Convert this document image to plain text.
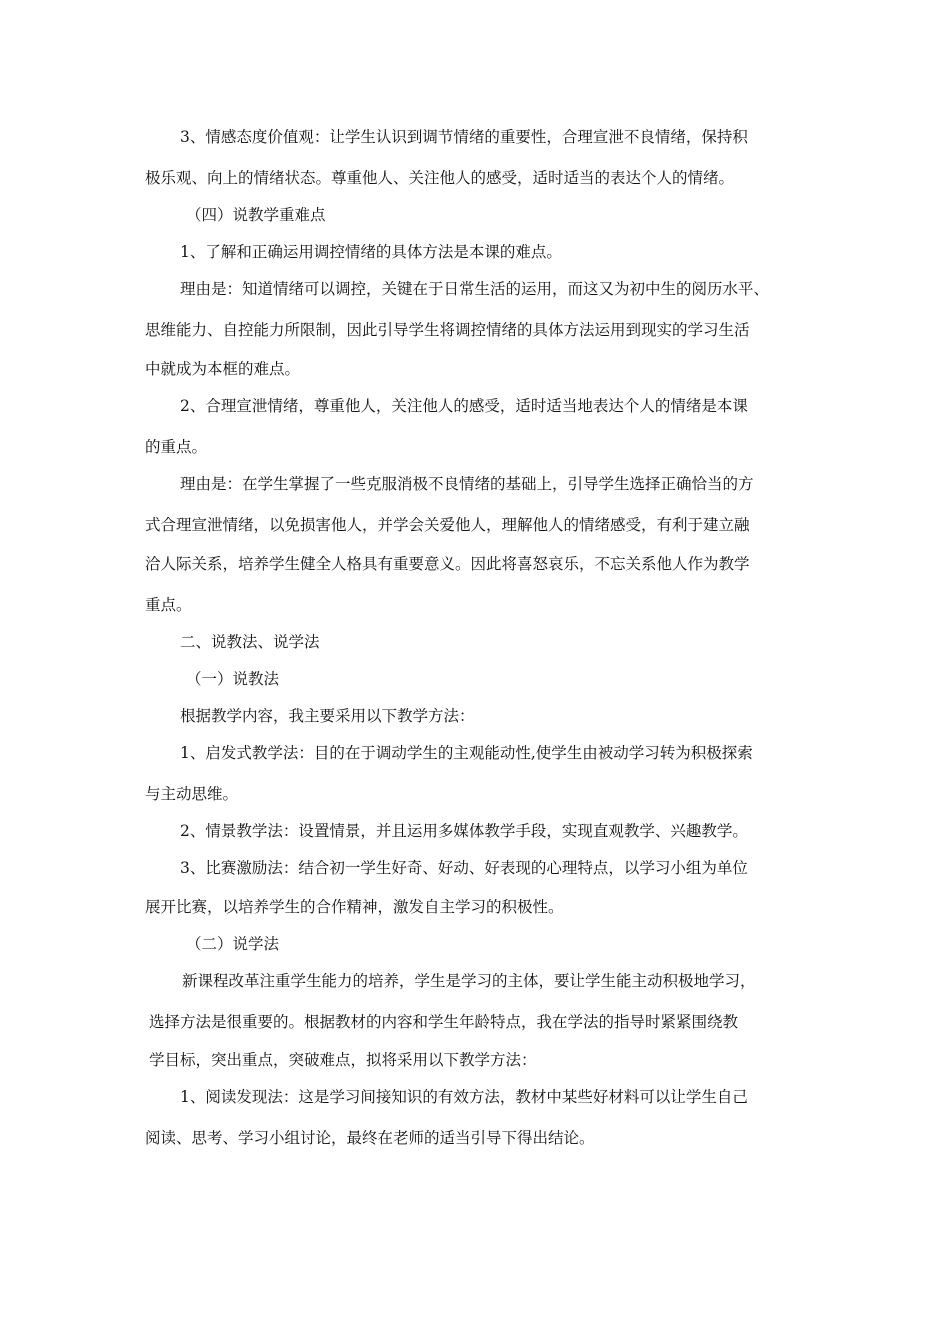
3、情感态度价值观：让学生认识到调节情绪的重要性，合理宣泄不良情绪，保持积
极乐观、向上的情绪状态。尊重他人、关注他人的感受，适时适当的表达个人的情绪。
（四）说教学重难点
1、了解和正确运用调控情绪的具体方法是本课的难点。
理由是：知道情绪可以调控，关键在于日常生活的运用，而这又为初中生的阅历水平、
思维能力、自控能力所限制，因此引导学生将调控情绪的具体方法运用到现实的学习生活
中就成为本框的难点。
2、合理宣泄情绪，尊重他人，关注他人的感受，适时适当地表达个人的情绪是本课
的重点。
理由是：在学生掌握了一些克服消极不良情绪的基础上，引导学生选择正确恰当的方
式合理宣泄情绪，以免损害他人，并学会关爱他人，理解他人的情绪感受，有利于建立融
洽人际关系，培养学生健全人格具有重要意义。因此将喜怒哀乐，不忘关系他人作为教学
重点。
二、说教法、说学法
（一）说教法
根据教学内容，我主要采用以下教学方法：
1、启发式教学法：目的在于调动学生的主观能动性,使学生由被动学习转为积极探索
与主动思维。
2、情景教学法：设置情景，并且运用多媒体教学手段，实现直观教学、兴趣教学。
3、比赛激励法：结合初一学生好奇、好动、好表现的心理特点，以学习小组为单位
展开比赛，以培养学生的合作精神，激发自主学习的积极性。
（二）说学法
新课程改革注重学生能力的培养，学生是学习的主体，要让学生能主动积极地学习，
选择方法是很重要的。根据教材的内容和学生年龄特点，我在学法的指导时紧紧围绕教
学目标，突出重点，突破难点，拟将采用以下教学方法：
1、阅读发现法：这是学习间接知识的有效方法，教材中某些好材料可以让学生自己
阅读、思考、学习小组讨论，最终在老师的适当引导下得出结论。
